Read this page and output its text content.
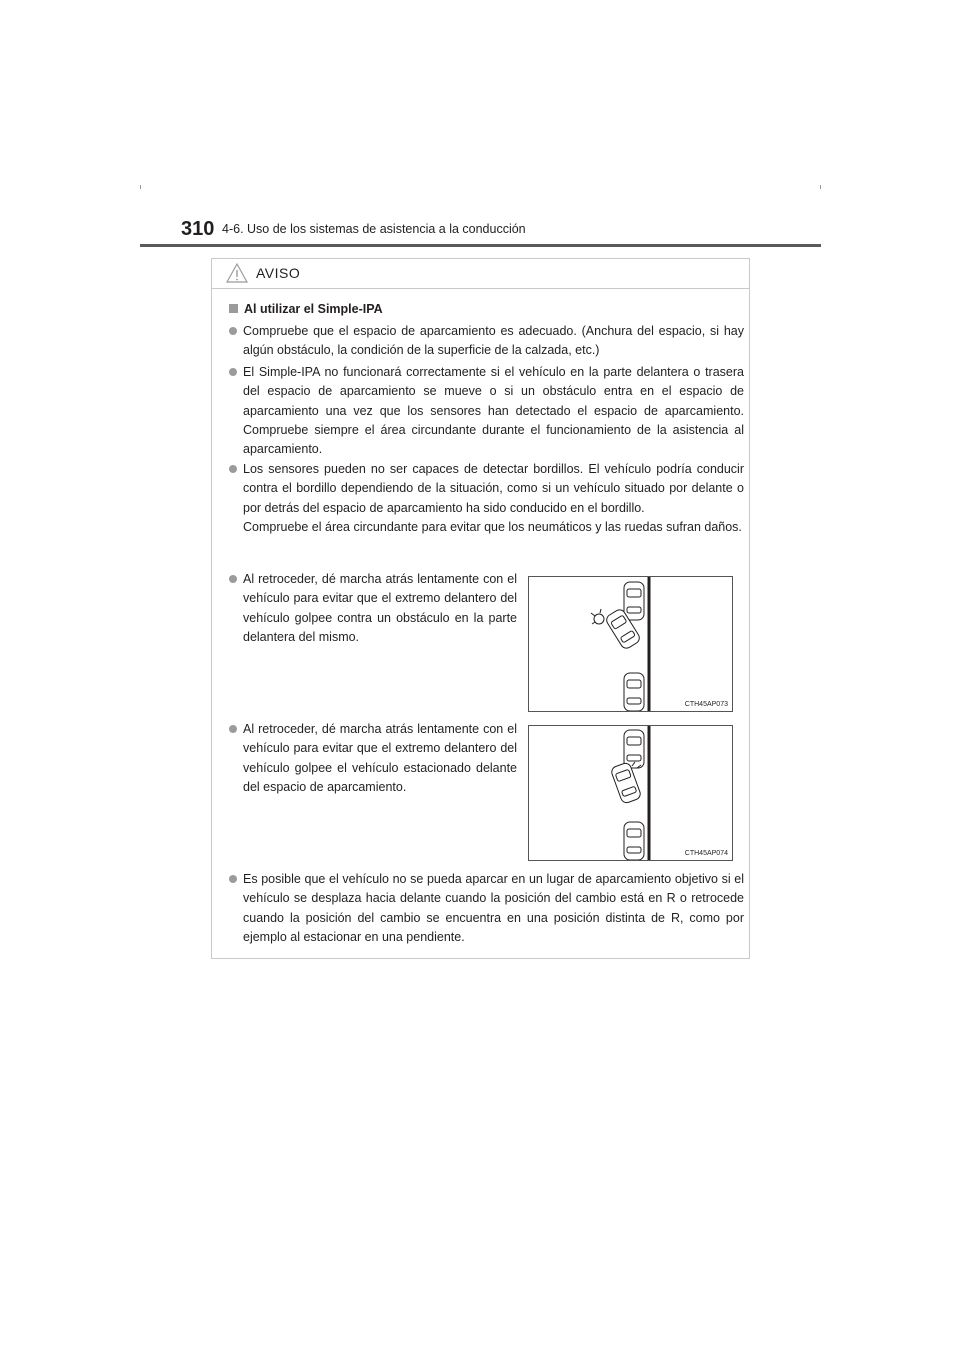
310 4-6. Uso de los sistemas de asistencia a la conducción
AVISO
Al utilizar el Simple-IPA
Compruebe que el espacio de aparcamiento es adecuado. (Anchura del espacio, si hay algún obstáculo, la condición de la superficie de la calzada, etc.)
El Simple-IPA no funcionará correctamente si el vehículo en la parte delantera o trasera del espacio de aparcamiento se mueve o si un obstáculo entra en el espacio de aparcamiento una vez que los sensores han detectado el espacio de aparcamiento. Compruebe siempre el área circundante durante el funcionamiento de la asistencia al aparcamiento.
Los sensores pueden no ser capaces de detectar bordillos. El vehículo podría conducir contra el bordillo dependiendo de la situación, como si un vehículo situado por delante o por detrás del espacio de aparcamiento ha sido conducido en el bordillo.
Compruebe el área circundante para evitar que los neumáticos y las ruedas sufran daños.
Al retroceder, dé marcha atrás lentamente con el vehículo para evitar que el extremo delantero del vehículo golpee contra un obstáculo en la parte delantera del mismo.
CTH45AP073
Al retroceder, dé marcha atrás lentamente con el vehículo para evitar que el extremo delantero del vehículo golpee el vehículo estacionado delante del espacio de aparcamiento.
CTH45AP074
Es posible que el vehículo no se pueda aparcar en un lugar de aparcamiento objetivo si el vehículo se desplaza hacia delante cuando la posición del cambio está en R o retrocede cuando la posición del cambio se encuentra en una posición distinta de R, como por ejemplo al estacionar en una pendiente.
